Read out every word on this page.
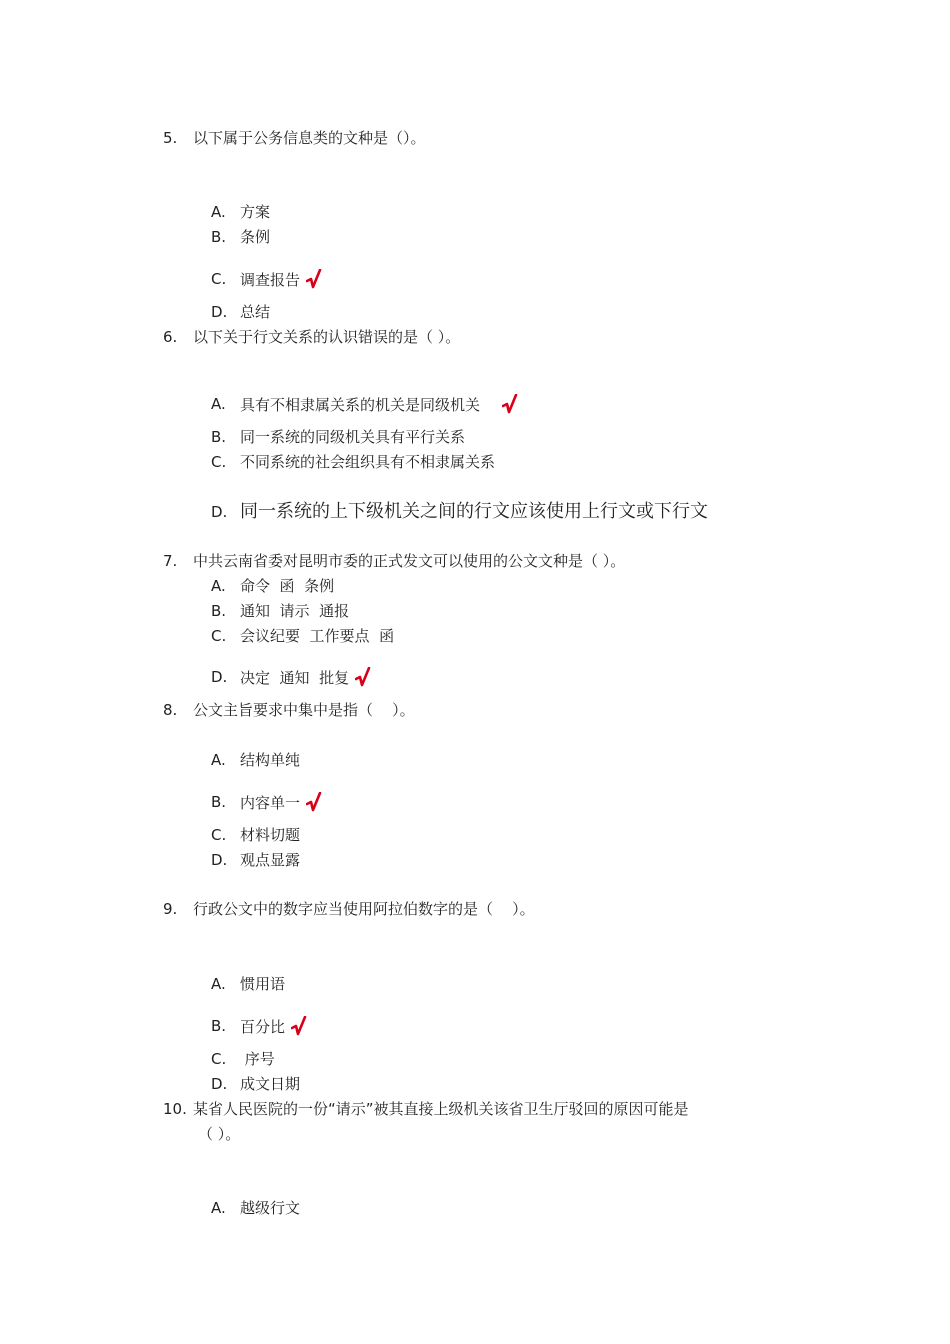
5.	以下属于公务信息类的文种是（）。
A. 方案
B. 条例
C. 调查报告
D. 总结
6.	以下关于行文关系的认识错误的是（ ）。
A. 具有不相隶属关系的机关是同级机关
B. 同一系统的同级机关具有平行关系
C. 不同系统的社会组织具有不相隶属关系
D. 同一系统的上下级机关之间的行文应该使用上行文或下行文
7.	中共云南省委对昆明市委的正式发文可以使用的公文文种是（ ）。
A. 命令  函  条例
B. 通知  请示  通报
C. 会议纪要  工作要点  函
D. 决定  通知  批复
8.	公文主旨要求中集中是指（    ）。
A. 结构单纯
B. 内容单一
C. 材料切题
D. 观点显露
9.	行政公文中的数字应当使用阿拉伯数字的是（    ）。
A. 惯用语
B. 百分比
C. 序号
D. 成文日期
10. 某省人民医院的一份“请示”被其直接上级机关该省卫生厅驳回的原因可能是
（ ）。
A. 越级行文
